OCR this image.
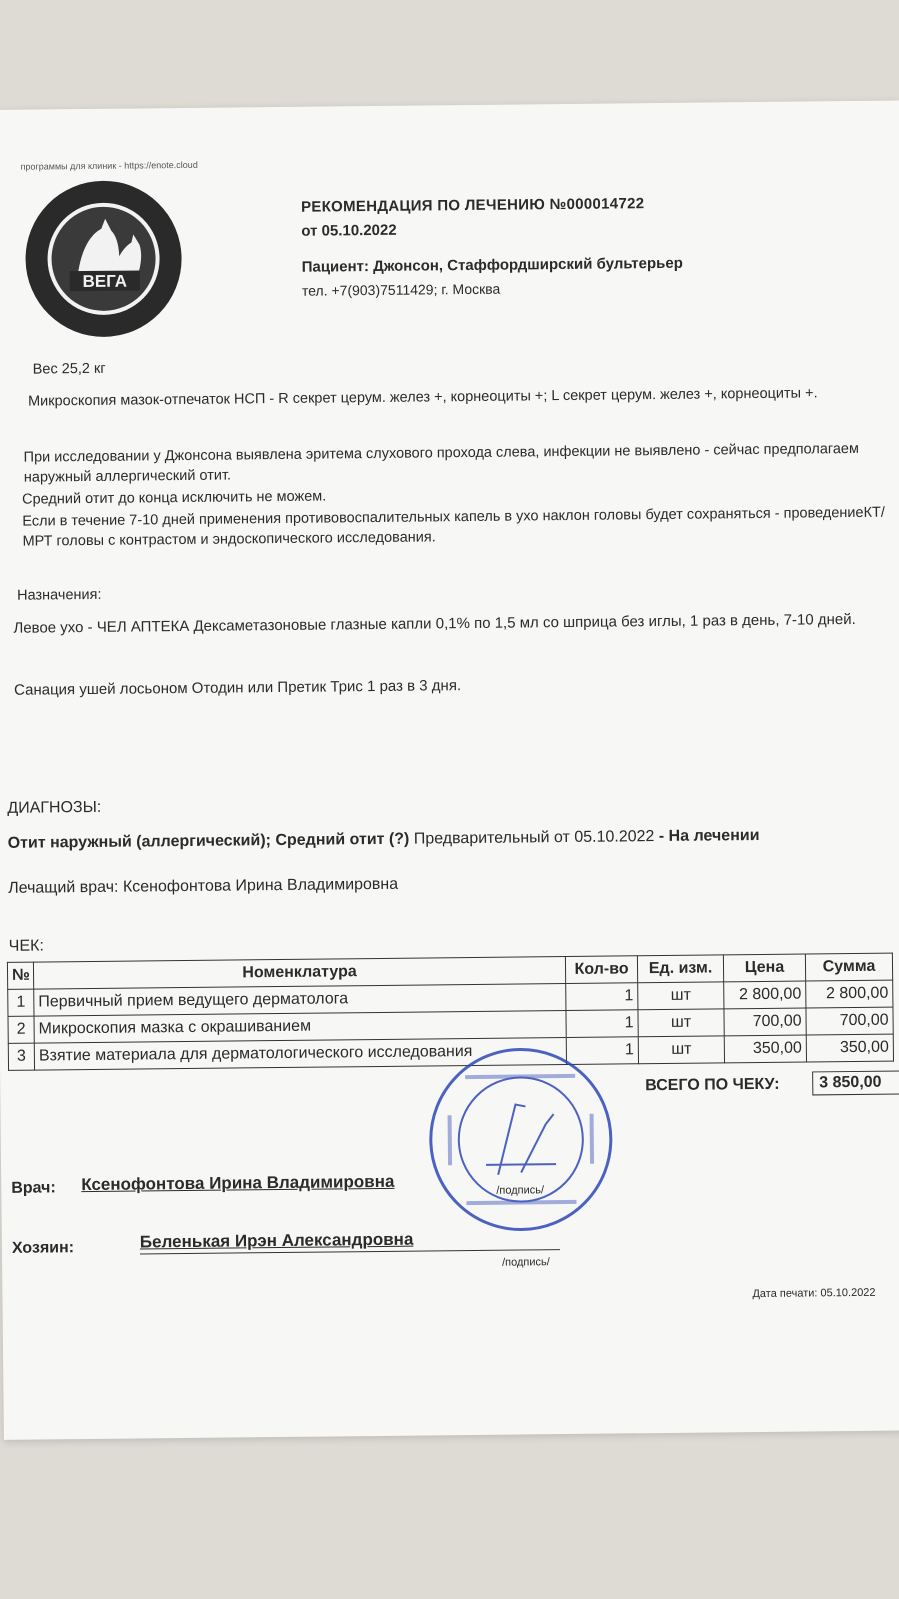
программы для клиник - https://enote.cloud
ВЕГА
РЕКОМЕНДАЦИЯ ПО ЛЕЧЕНИЮ №000014722
от 05.10.2022
Пациент: Джонсон, Стаффордширский бультерьер
тел. +7(903)7511429; г. Москва
Вес 25,2 кг
Микроскопия мазок-отпечаток НСП - R секрет церум. желез +, корнеоциты +; L секрет церум. желез +, корнеоциты +.
При исследовании у Джонсона выявлена эритема слухового прохода слева, инфекции не выявлено - сейчас предполагаем наружный аллергический отит.
Средний отит до конца исключить не можем.
Если в течение 7-10 дней применения противовоспалительных капель в ухо наклон головы будет сохраняться - проведениеКТ/МРТ головы с контрастом и эндоскопического исследования.
Назначения:
Левое ухо - ЧЕЛ АПТЕКА Дексаметазоновые глазные капли 0,1% по 1,5 мл со шприца без иглы, 1 раз в день, 7-10 дней.
Санация ушей лосьоном Отодин или Претик Трис 1 раз в 3 дня.
ДИАГНОЗЫ:
Отит наружный (аллергический); Средний отит (?) Предварительный от 05.10.2022 - На лечении
Лечащий врач: Ксенофонтова Ирина Владимировна
ЧЕК:
№	Номенклатура	Кол-во	Ед. изм.	Цена	Сумма
1	Первичный прием ведущего дерматолога	1	шт	2 800,00	2 800,00
2	Микроскопия мазка с окрашиванием	1	шт	700,00	700,00
3	Взятие материала для дерматологического исследования	1	шт	350,00	350,00
ВСЕГО ПО ЧЕКУ:	3 850,00
Врач: Ксенофонтова Ирина Владимировна	/подпись/
Хозяин:	Беленькая Ирэн Александровна
/подпись/
Дата печати: 05.10.2022
